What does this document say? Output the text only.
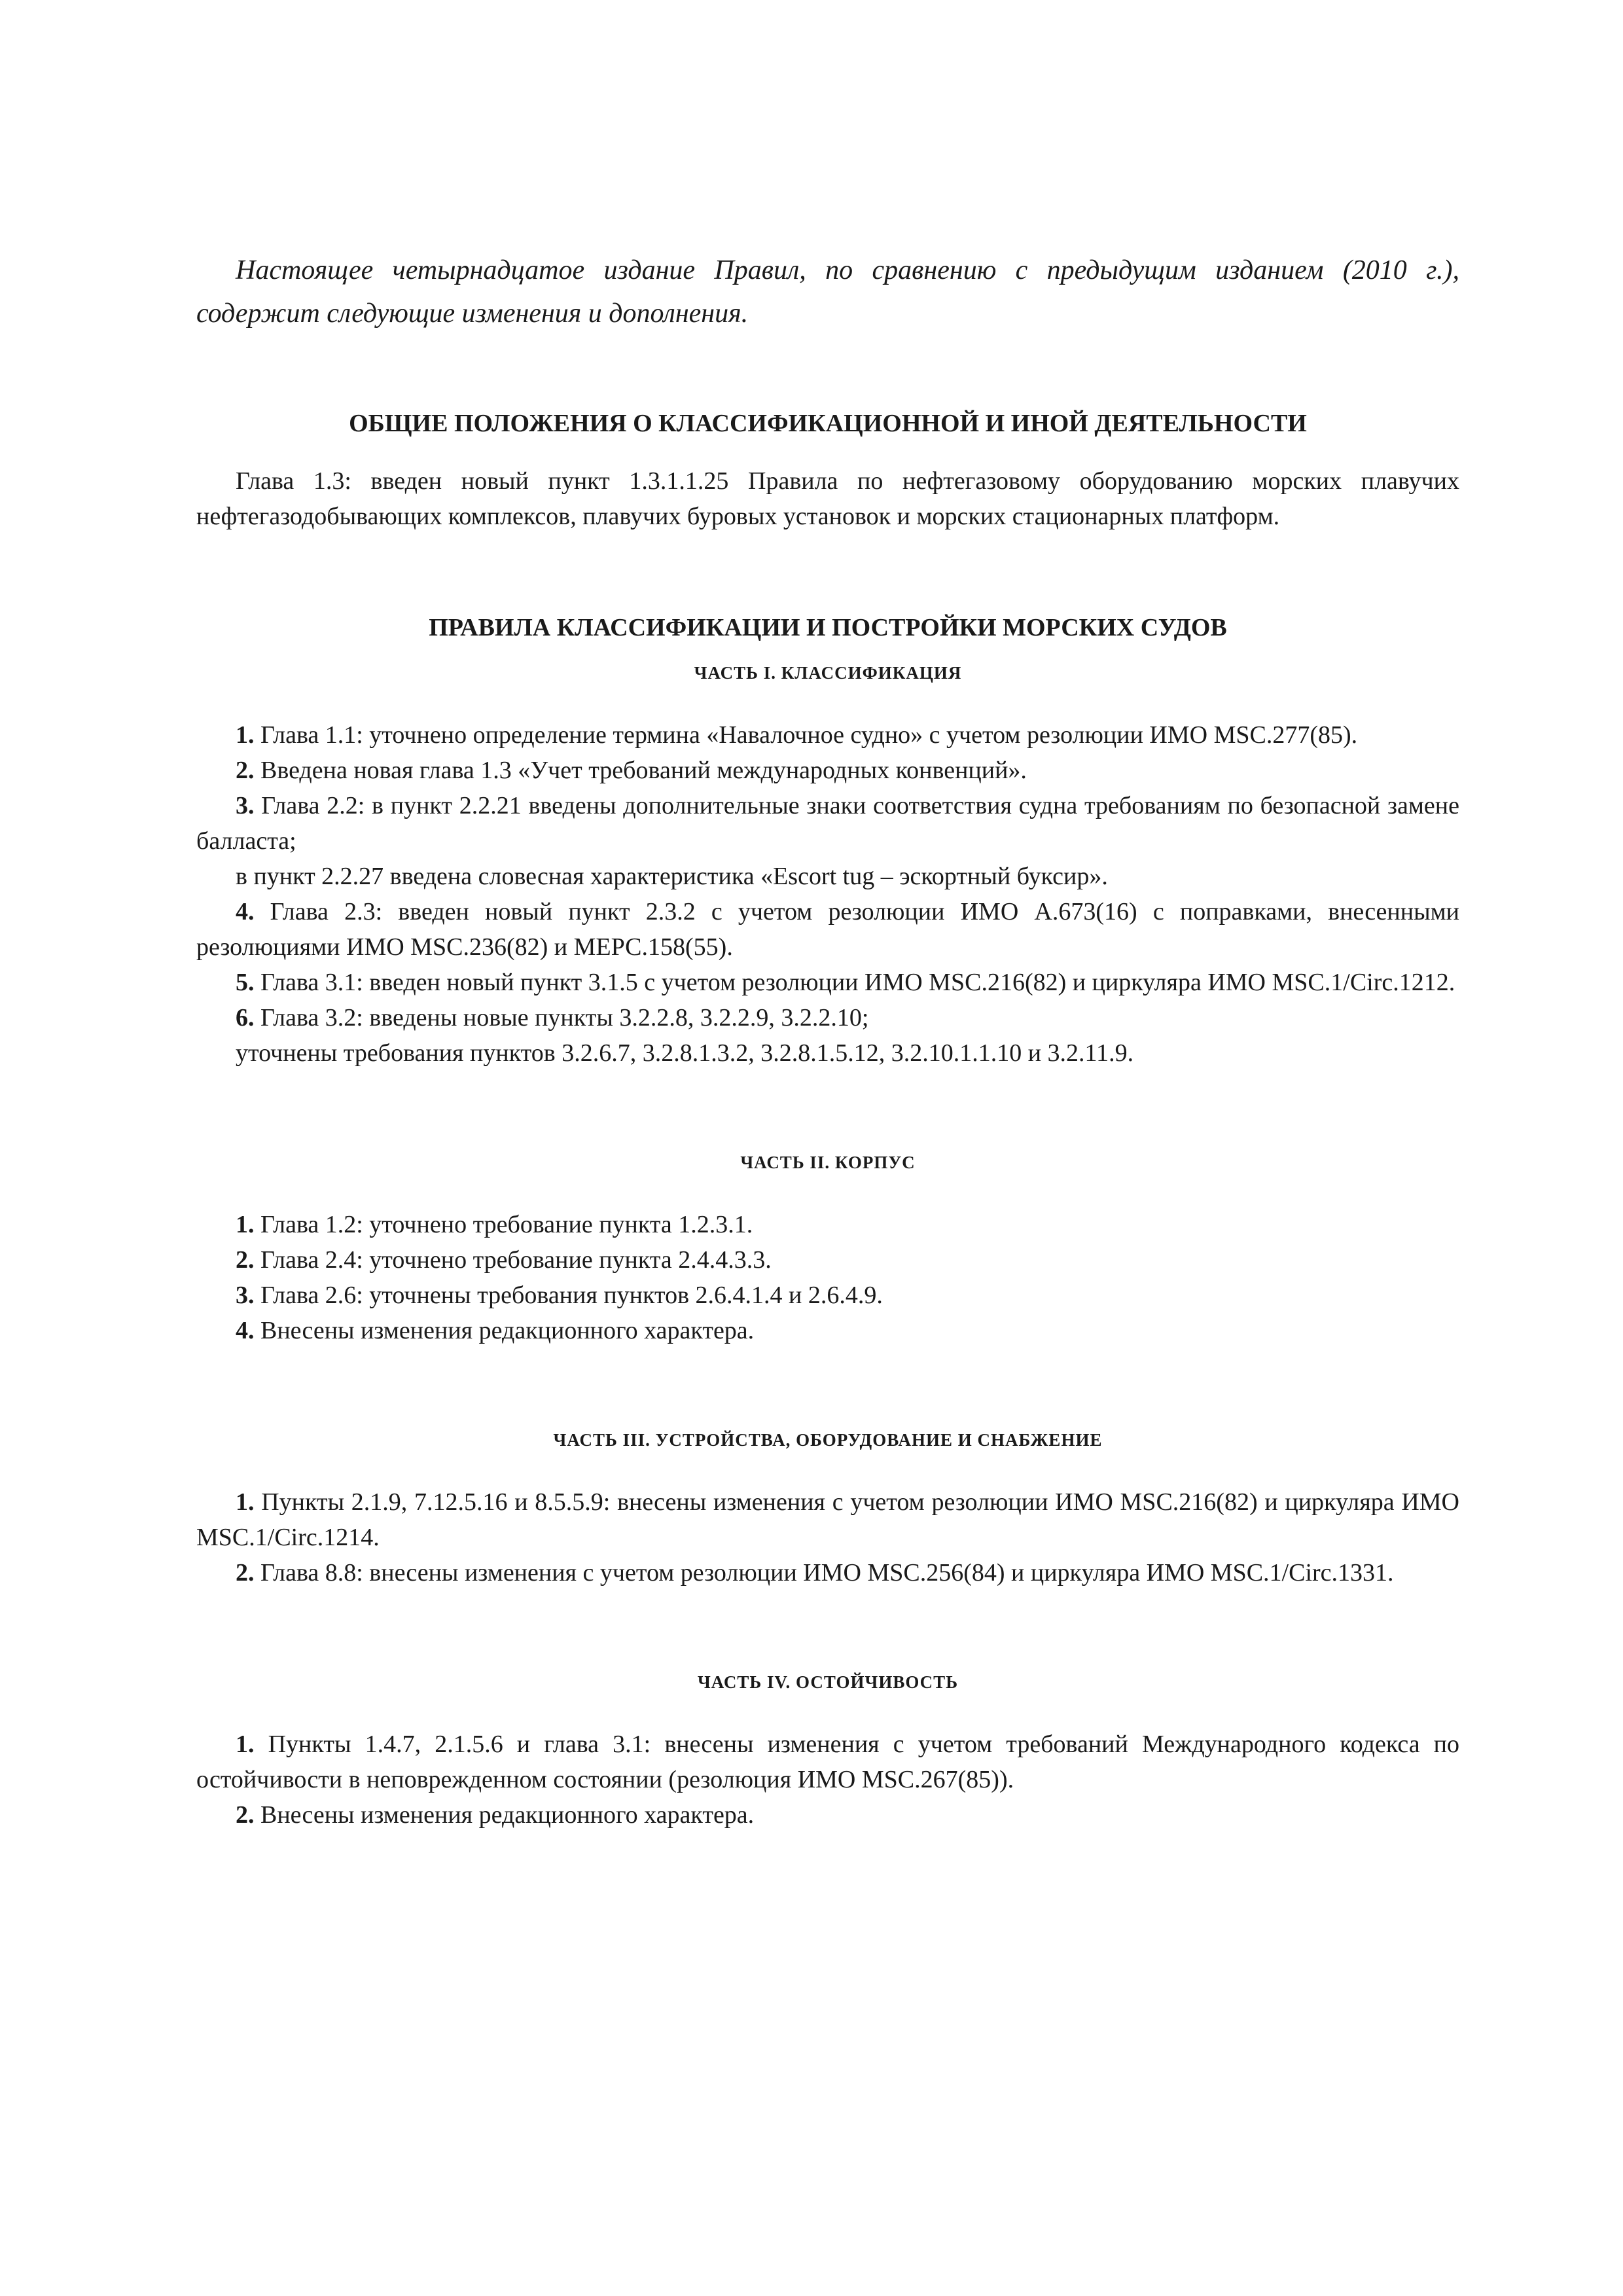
Настоящее четырнадцатое издание Правил, по сравнению с предыдущим изданием (2010 г.), содержит следующие изменения и дополнения.

ОБЩИЕ ПОЛОЖЕНИЯ О КЛАССИФИКАЦИОННОЙ И ИНОЙ ДЕЯТЕЛЬНОСТИ

Глава 1.3: введен новый пункт 1.3.1.1.25 Правила по нефтегазовому оборудованию морских плавучих нефтегазодобывающих комплексов, плавучих буровых установок и морских стационарных платформ.

ПРАВИЛА КЛАССИФИКАЦИИ И ПОСТРОЙКИ МОРСКИХ СУДОВ
ЧАСТЬ I. КЛАССИФИКАЦИЯ

1. Глава 1.1: уточнено определение термина «Навалочное судно» с учетом резолюции ИМО MSC.277(85).

2. Введена новая глава 1.3 «Учет требований международных конвенций».

3. Глава 2.2: в пункт 2.2.21 введены дополнительные знаки соответствия судна требованиям по безопасной замене балласта;

в пункт 2.2.27 введена словесная характеристика «Escort tug – эскортный буксир».

4. Глава 2.3: введен новый пункт 2.3.2 с учетом резолюции ИМО А.673(16) с поправками, внесенными резолюциями ИМО MSC.236(82) и МЕРС.158(55).

5. Глава 3.1: введен новый пункт 3.1.5 с учетом резолюции ИМО MSC.216(82) и циркуляра ИМО MSC.1/Circ.1212.

6. Глава 3.2: введены новые пункты 3.2.2.8, 3.2.2.9, 3.2.2.10;

уточнены требования пунктов 3.2.6.7, 3.2.8.1.3.2, 3.2.8.1.5.12, 3.2.10.1.1.10 и 3.2.11.9.

ЧАСТЬ II. КОРПУС

1. Глава 1.2: уточнено требование пункта 1.2.3.1.

2. Глава 2.4: уточнено требование пункта 2.4.4.3.3.

3. Глава 2.6: уточнены требования пунктов 2.6.4.1.4 и 2.6.4.9.

4. Внесены изменения редакционного характера.

ЧАСТЬ III. УСТРОЙСТВА, ОБОРУДОВАНИЕ И СНАБЖЕНИЕ

1. Пункты 2.1.9, 7.12.5.16 и 8.5.5.9: внесены изменения с учетом резолюции ИМО MSC.216(82) и циркуляра ИМО MSC.1/Circ.1214.

2. Глава 8.8: внесены изменения с учетом резолюции ИМО MSC.256(84) и циркуляра ИМО MSC.1/Circ.1331.

ЧАСТЬ IV. ОСТОЙЧИВОСТЬ

1. Пункты 1.4.7, 2.1.5.6 и глава 3.1: внесены изменения с учетом требований Международного кодекса по остойчивости в неповрежденном состоянии (резолюция ИМО MSC.267(85)).

2. Внесены изменения редакционного характера.
